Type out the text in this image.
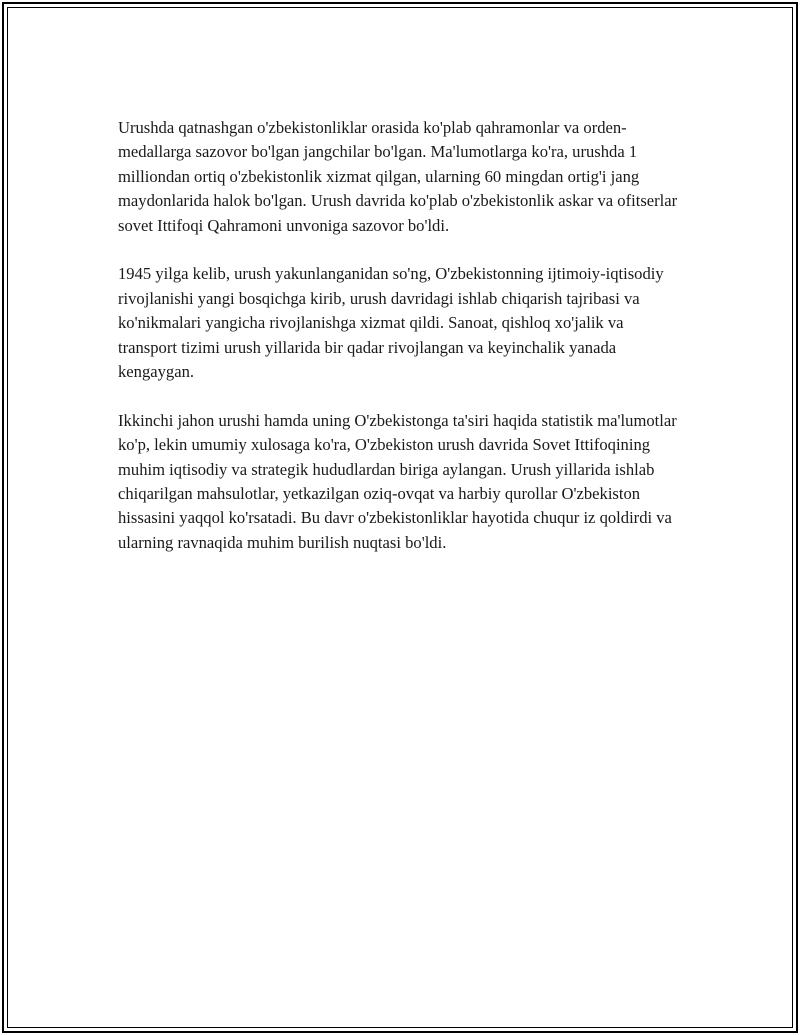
Urushda qatnashgan o'zbekistonliklar orasida ko'plab qahramonlar va orden-medallarga sazovor bo'lgan jangchilar bo'lgan. Ma'lumotlarga ko'ra, urushda 1 milliondan ortiq o'zbekistonlik xizmat qilgan, ularning 60 mingdan ortig'i jang maydonlarida halok bo'lgan. Urush davrida ko'plab o'zbekistonlik askar va ofitserlar sovet Ittifoqi Qahramoni unvoniga sazovor bo'ldi.

1945 yilga kelib, urush yakunlanganidan so'ng, O'zbekistonning ijtimoiy-iqtisodiy rivojlanishi yangi bosqichga kirib, urush davridagi ishlab chiqarish tajribasi va ko'nikmalari yangicha rivojlanishga xizmat qildi. Sanoat, qishloq xo'jalik va transport tizimi urush yillarida bir qadar rivojlangan va keyinchalik yanada kengaygan.

Ikkinchi jahon urushi hamda uning O'zbekistonga ta'siri haqida statistik ma'lumotlar ko'p, lekin umumiy xulosaga ko'ra, O'zbekiston urush davrida Sovet Ittifoqining muhim iqtisodiy va strategik hududlardan biriga aylangan. Urush yillarida ishlab chiqarilgan mahsulotlar, yetkazilgan oziq-ovqat va harbiy qurollar O'zbekiston hissasini yaqqol ko'rsatadi. Bu davr o'zbekistonliklar hayotida chuqur iz qoldirdi va ularning ravnaqida muhim burilish nuqtasi bo'ldi.
